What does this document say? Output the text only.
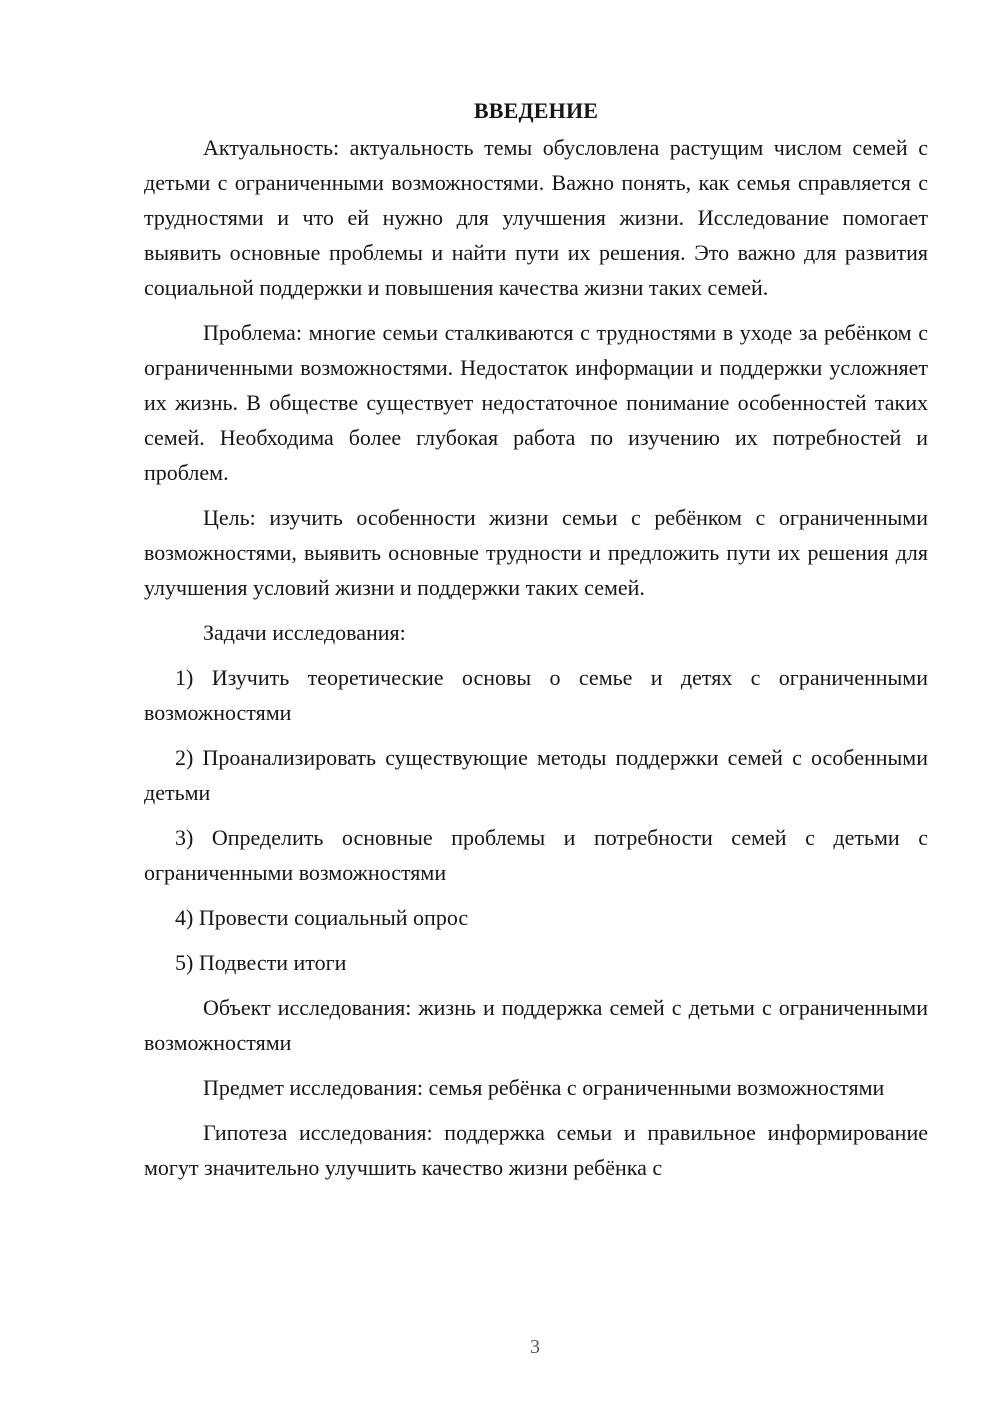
ВВЕДЕНИЕ

Актуальность: актуальность темы обусловлена растущим числом семей с детьми с ограниченными возможностями. Важно понять, как семья справляется с трудностями и что ей нужно для улучшения жизни. Исследование помогает выявить основные проблемы и найти пути их решения. Это важно для развития социальной поддержки и повышения качества жизни таких семей.

Проблема: многие семьи сталкиваются с трудностями в уходе за ребёнком с ограниченными возможностями. Недостаток информации и поддержки усложняет их жизнь. В обществе существует недостаточное понимание особенностей таких семей. Необходима более глубокая работа по изучению их потребностей и проблем.

Цель: изучить особенности жизни семьи с ребёнком с ограниченными возможностями, выявить основные трудности и предложить пути их решения для улучшения условий жизни и поддержки таких семей.

Задачи исследования:

1) Изучить теоретические основы о семье и детях с ограниченными возможностями

2) Проанализировать существующие методы поддержки семей с особенными детьми

3) Определить основные проблемы и потребности семей с детьми с ограниченными возможностями

4) Провести социальный опрос

5) Подвести итоги

Объект исследования: жизнь и поддержка семей с детьми с ограниченными возможностями

Предмет исследования: семья ребёнка с ограниченными возможностями

Гипотеза исследования: поддержка семьи и правильное информирование могут значительно улучшить качество жизни ребёнка с

3
